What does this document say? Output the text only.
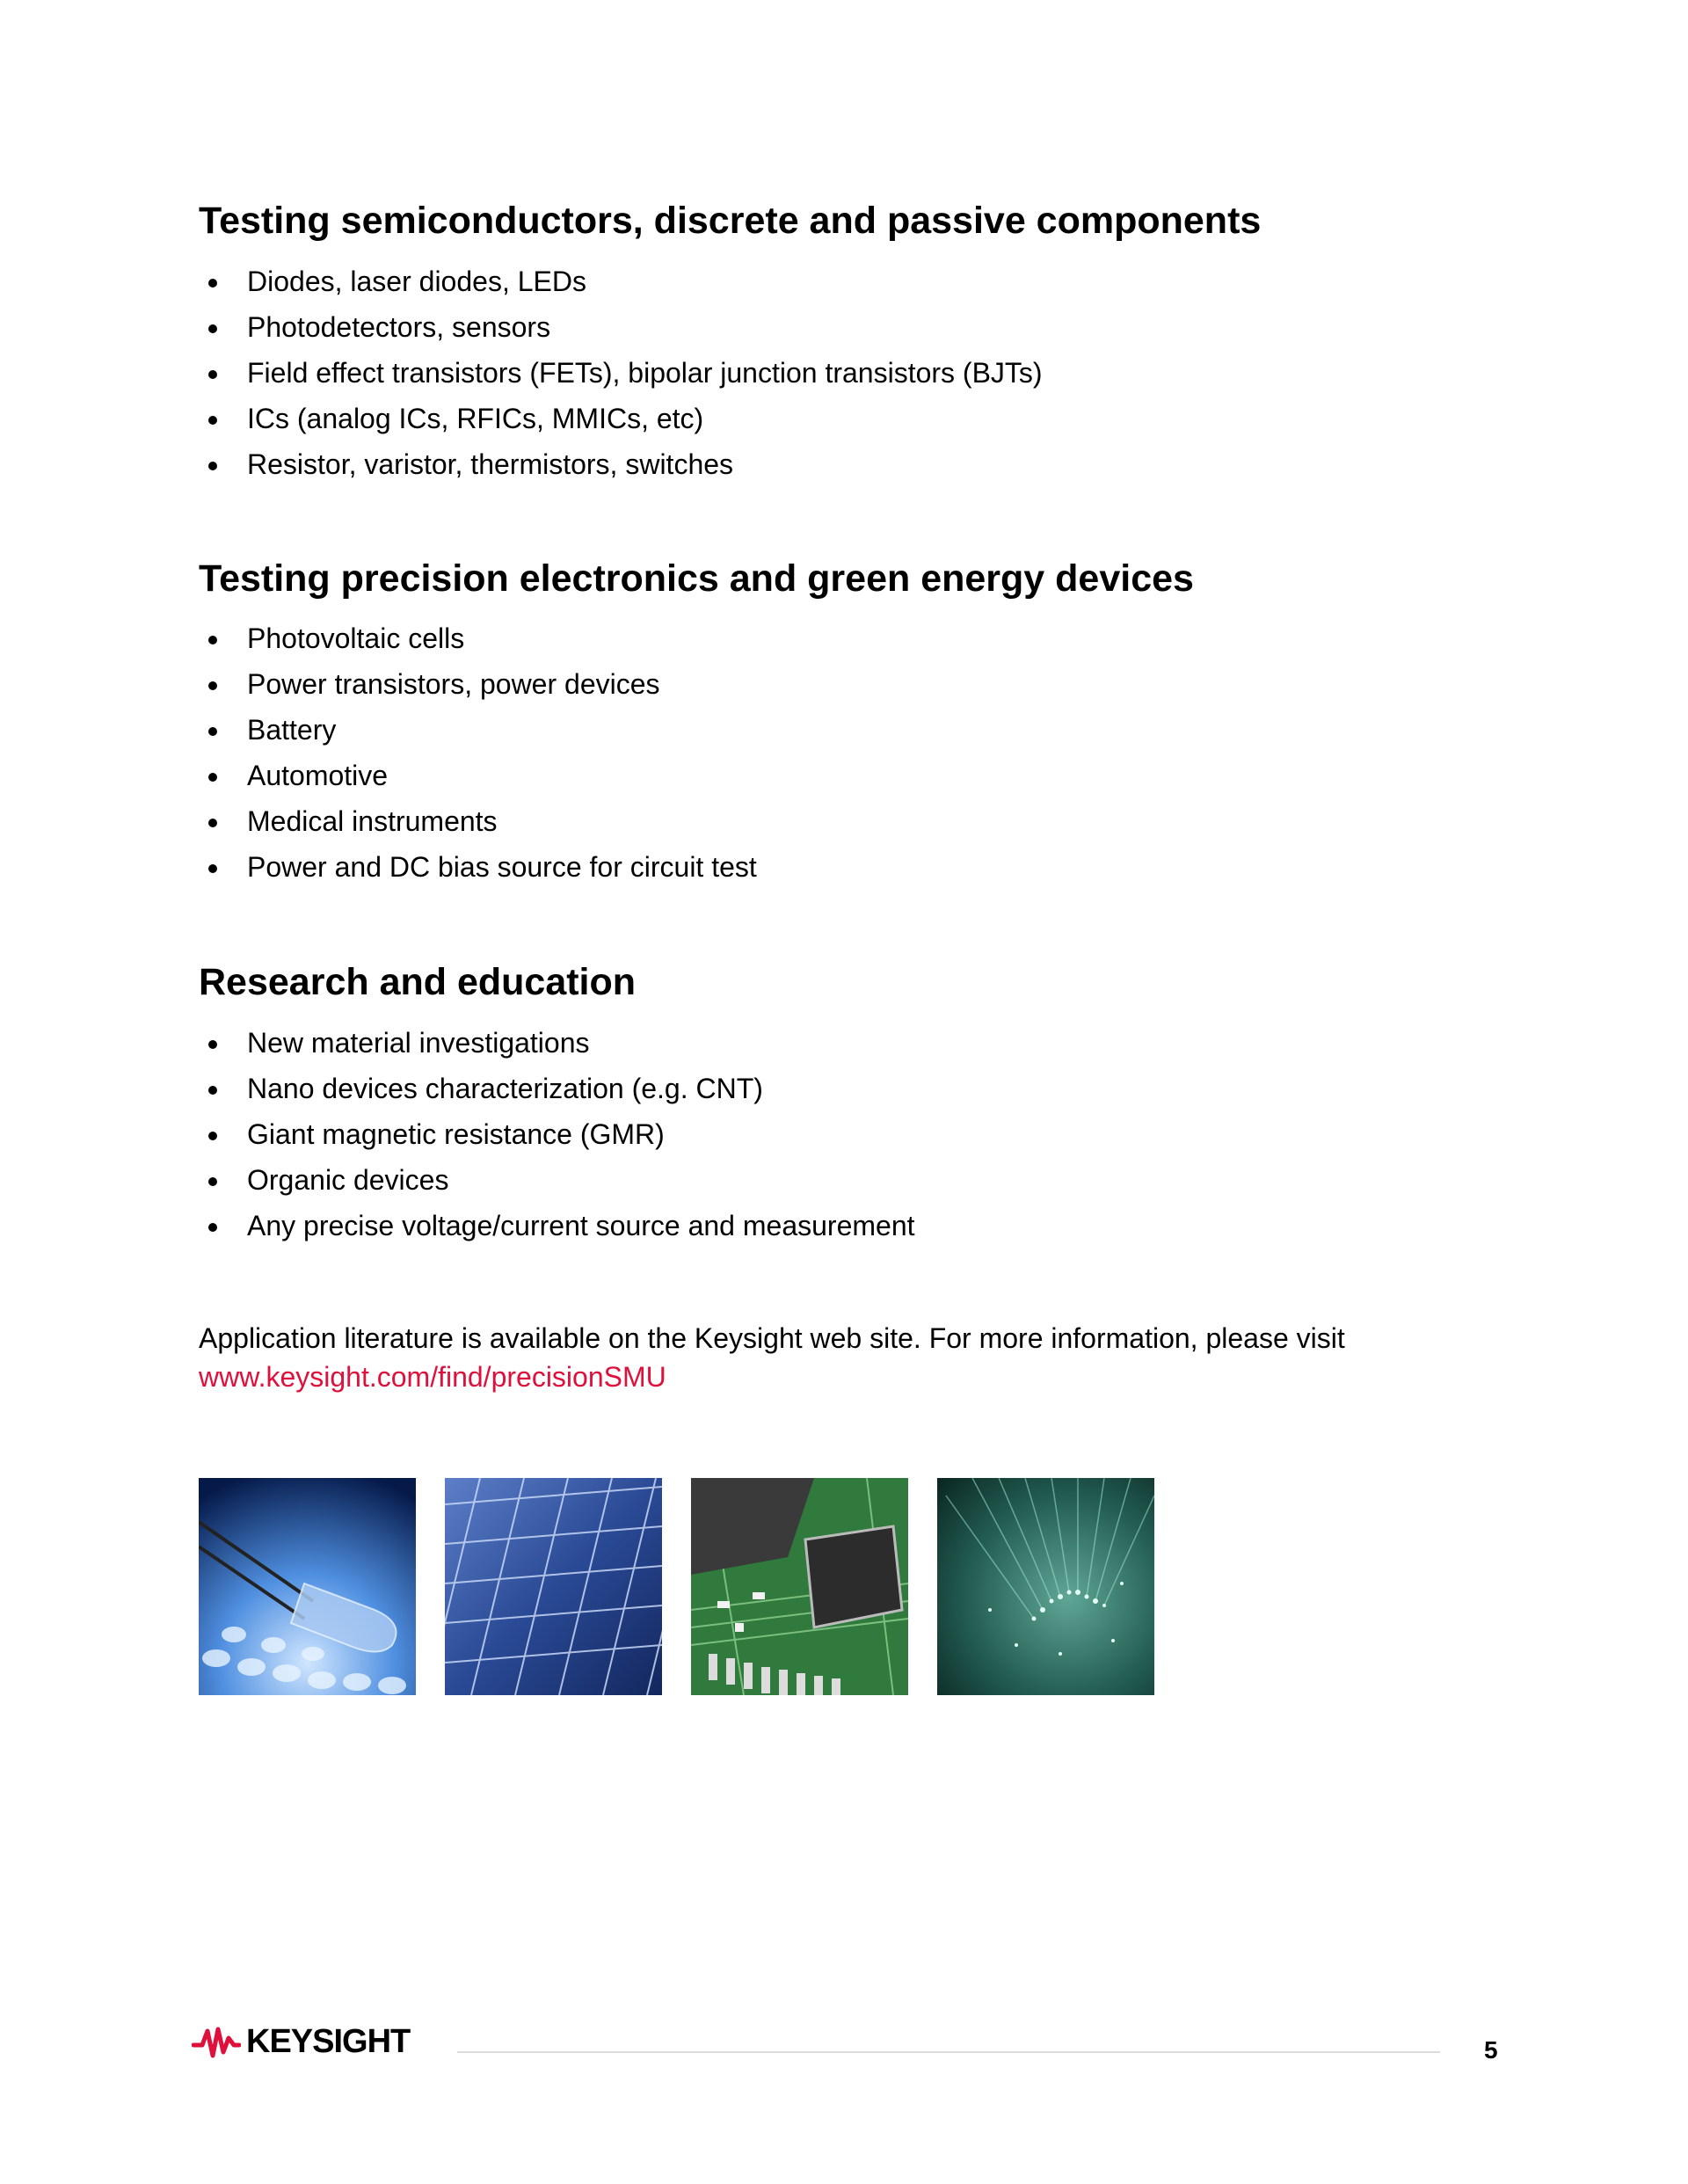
Testing semiconductors, discrete and passive components
Diodes, laser diodes, LEDs
Photodetectors, sensors
Field effect transistors (FETs), bipolar junction transistors (BJTs)
ICs (analog ICs, RFICs, MMICs, etc)
Resistor, varistor, thermistors, switches
Testing precision electronics and green energy devices
Photovoltaic cells
Power transistors, power devices
Battery
Automotive
Medical instruments
Power and DC bias source for circuit test
Research and education
New material investigations
Nano devices characterization (e.g. CNT)
Giant magnetic resistance (GMR)
Organic devices
Any precise voltage/current source and measurement

Application literature is available on the Keysight web site. For more information, please visit
www.keysight.com/find/precisionSMU

KEYSIGHT	5
